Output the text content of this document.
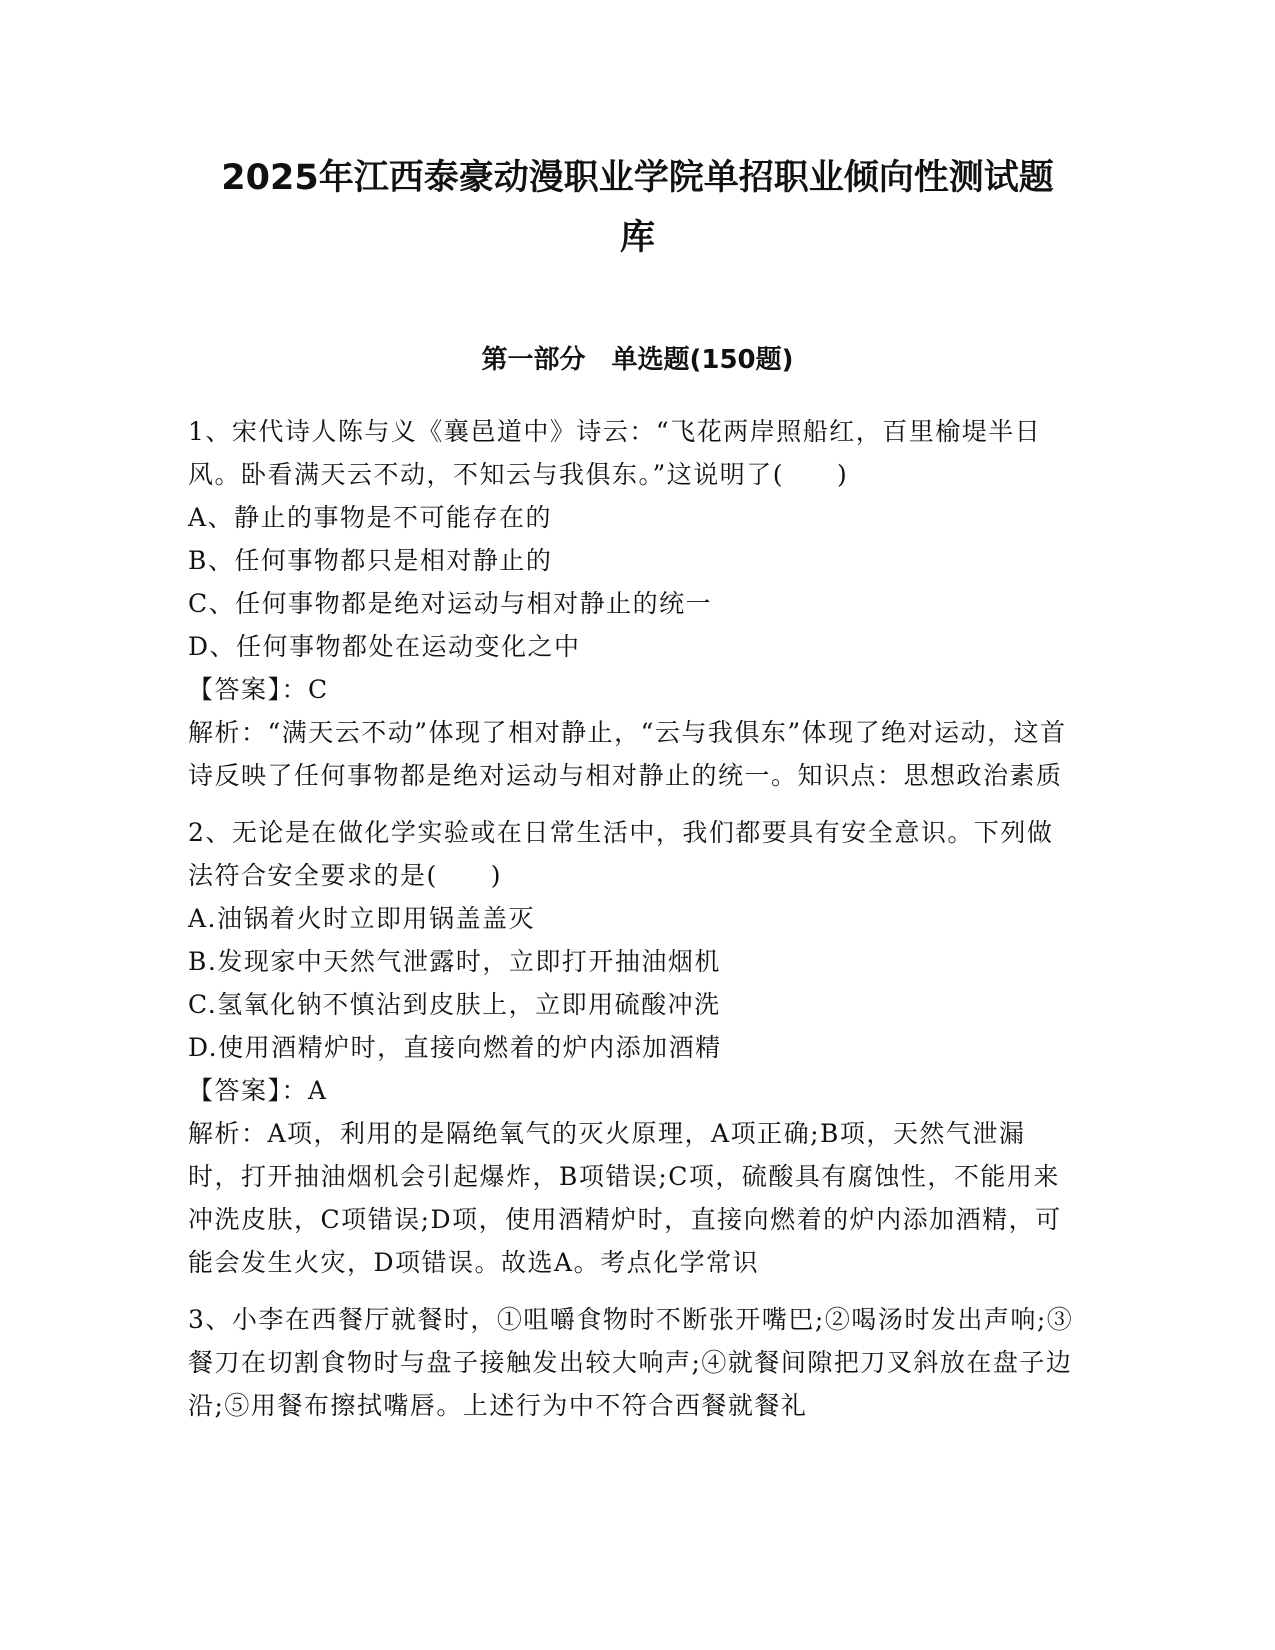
2025年江西泰豪动漫职业学院单招职业倾向性测试题
库
第一部分　单选题(150题)

1、宋代诗人陈与义《襄邑道中》诗云：“飞花两岸照船红，百里榆堤半日风。卧看满天云不动，不知云与我俱东。”这说明了(　　)

A、静止的事物是不可能存在的

B、任何事物都只是相对静止的

C、任何事物都是绝对运动与相对静止的统一

D、任何事物都处在运动变化之中

【答案】：C

解析：“满天云不动”体现了相对静止，“云与我俱东”体现了绝对运动，这首诗反映了任何事物都是绝对运动与相对静止的统一。知识点：思想政治素质

2、无论是在做化学实验或在日常生活中，我们都要具有安全意识。下列做法符合安全要求的是(　　)

A.油锅着火时立即用锅盖盖灭

B.发现家中天然气泄露时，立即打开抽油烟机

C.氢氧化钠不慎沾到皮肤上，立即用硫酸冲洗

D.使用酒精炉时，直接向燃着的炉内添加酒精

【答案】：A

解析：A项，利用的是隔绝氧气的灭火原理，A项正确;B项，天然气泄漏时，打开抽油烟机会引起爆炸，B项错误;C项，硫酸具有腐蚀性，不能用来冲洗皮肤，C项错误;D项，使用酒精炉时，直接向燃着的炉内添加酒精，可能会发生火灾，D项错误。故选A。考点化学常识

3、小李在西餐厅就餐时，①咀嚼食物时不断张开嘴巴;②喝汤时发出声响;③餐刀在切割食物时与盘子接触发出较大响声;④就餐间隙把刀叉斜放在盘子边沿;⑤用餐布擦拭嘴唇。上述行为中不符合西餐就餐礼
